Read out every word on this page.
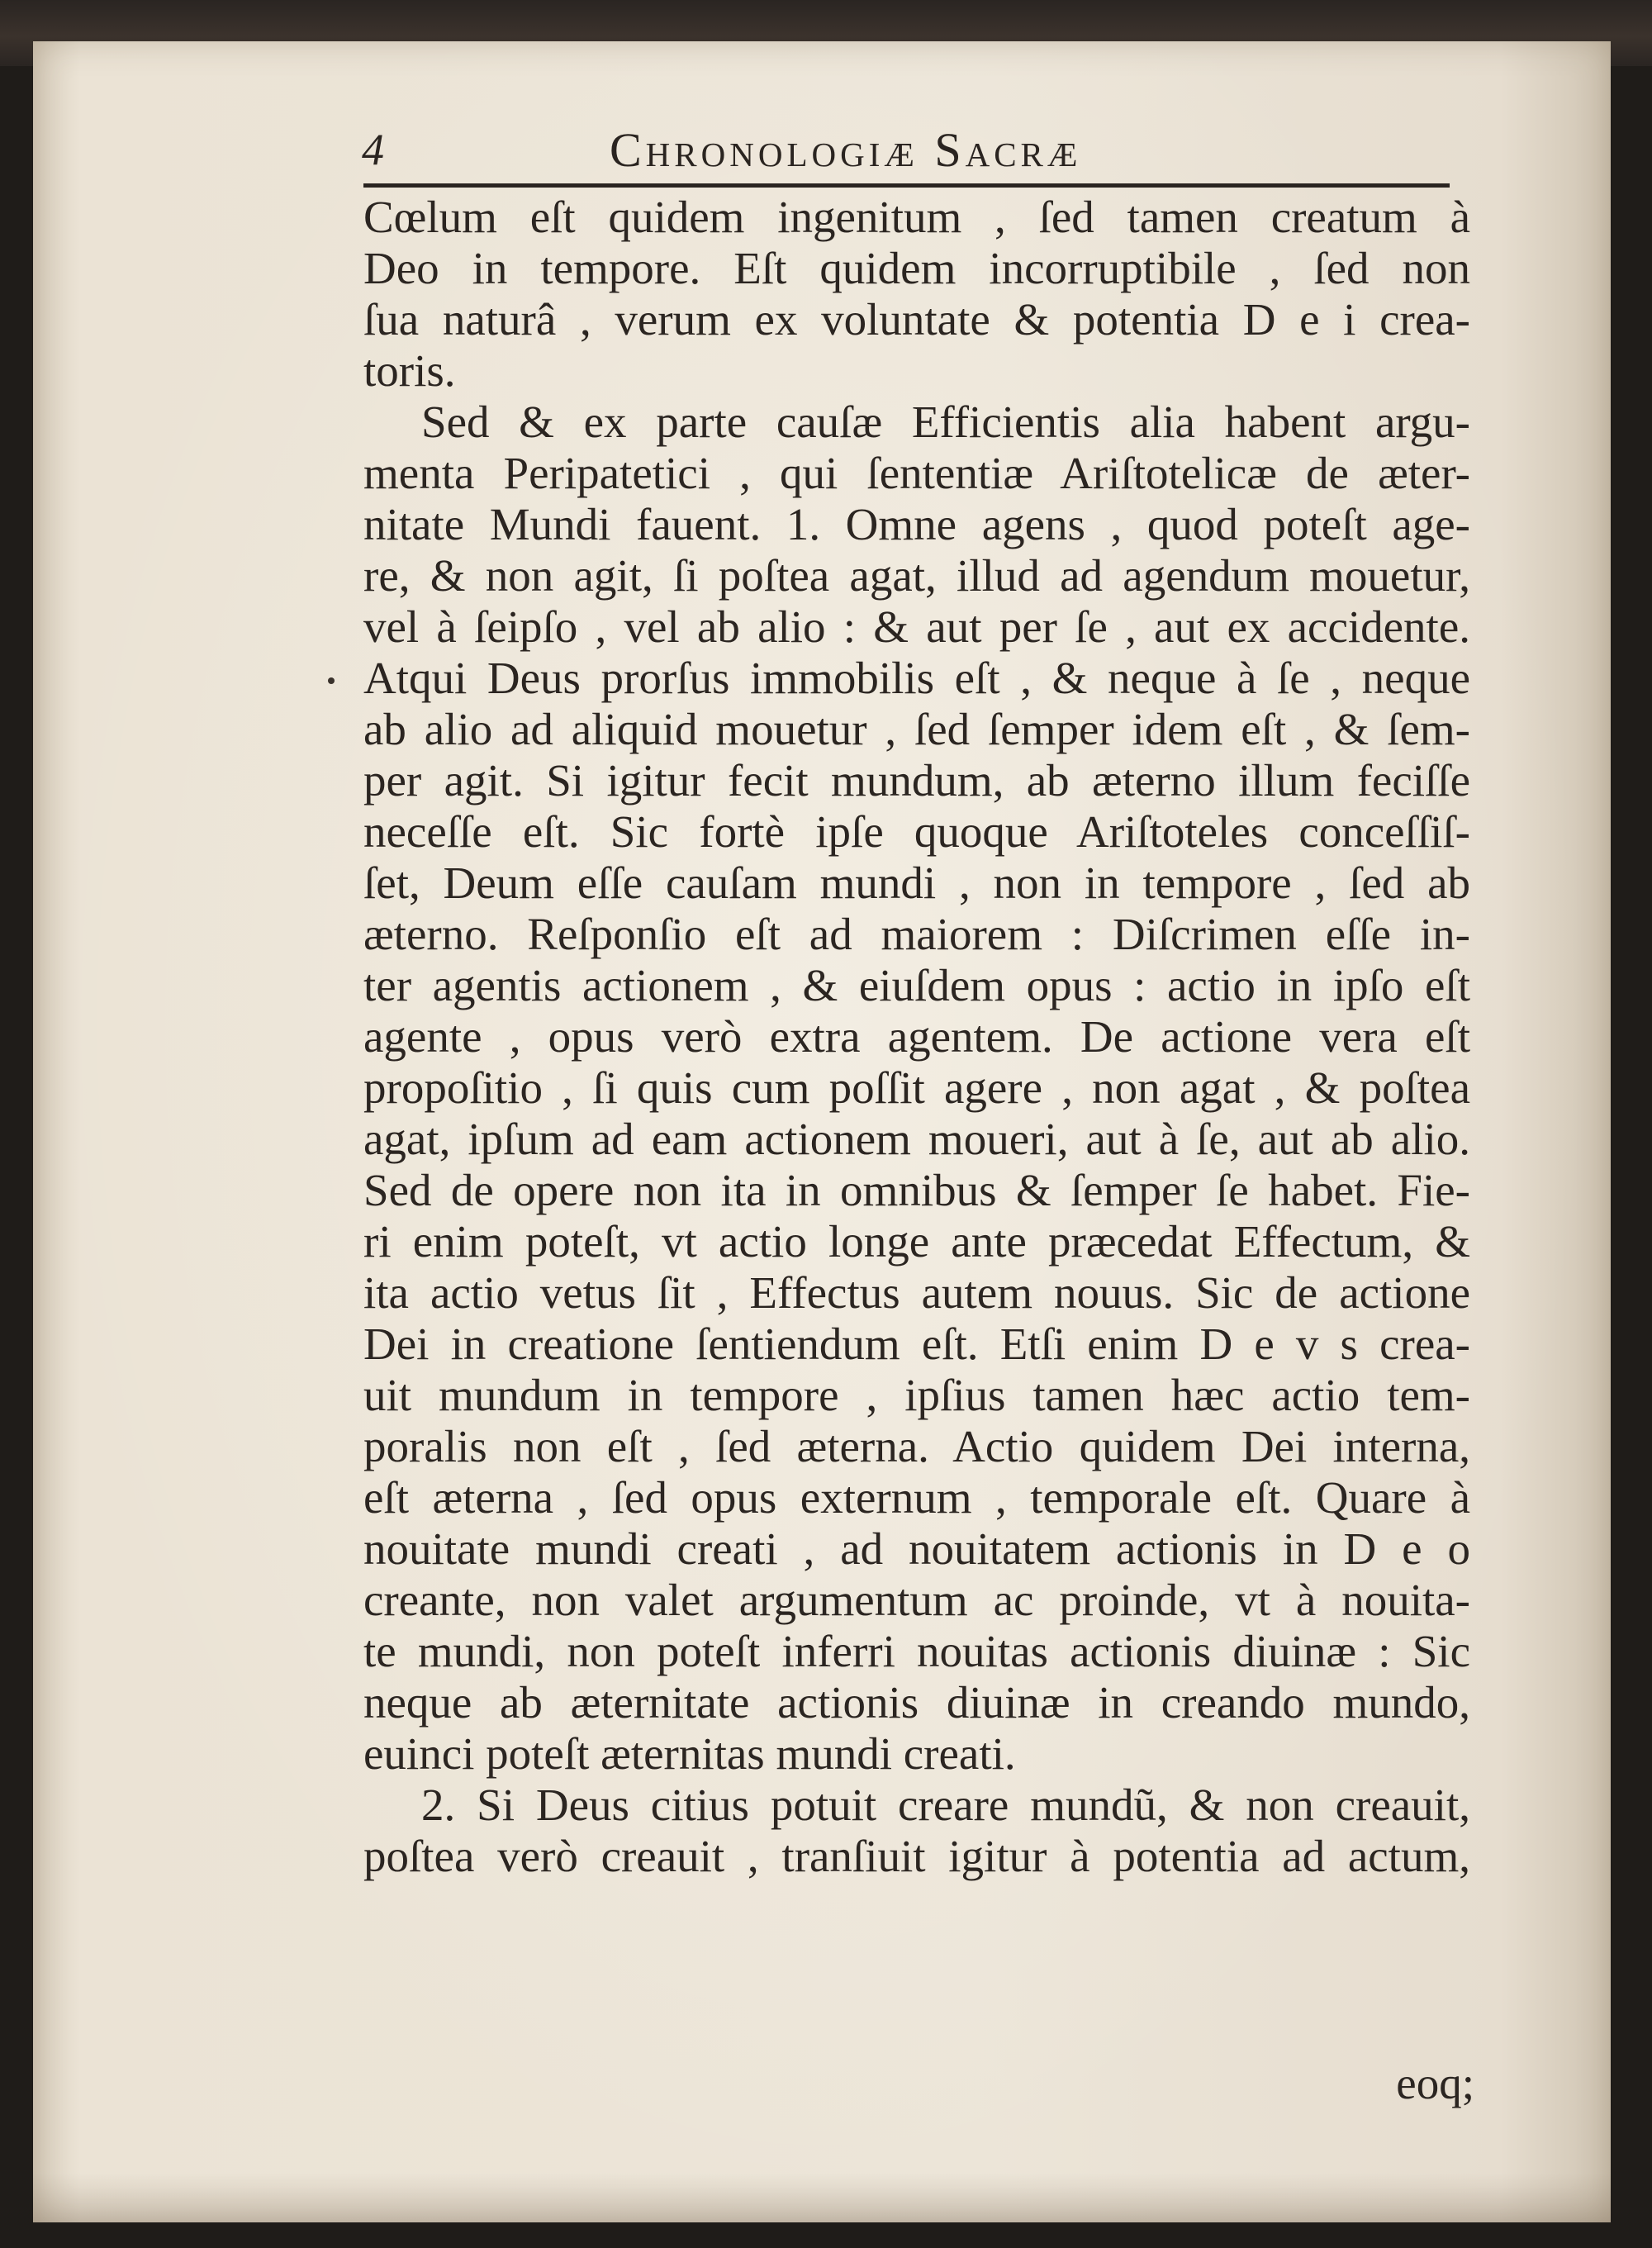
4	Chronologiæ Sacræ
Cœlum eſt quidem ingenitum , ſed tamen creatum à
Deo in tempore. Eſt quidem incorruptibile , ſed non
ſua naturâ , verum ex voluntate & potentia D e i crea-
toris.
Sed & ex parte cauſæ Efficientis alia habent argu-
menta Peripatetici , qui ſententiæ Ariſtotelicæ de æter-
nitate Mundi fauent. 1. Omne agens , quod poteſt age-
re, & non agit, ſi poſtea agat, illud ad agendum mouetur,
vel à ſeipſo , vel ab alio : & aut per ſe , aut ex accidente.
Atqui Deus prorſus immobilis eſt , & neque à ſe , neque
ab alio ad aliquid mouetur , ſed ſemper idem eſt , & ſem-
per agit. Si igitur fecit mundum, ab æterno illum feciſſe
neceſſe eſt. Sic fortè ipſe quoque Ariſtoteles conceſſiſ-
ſet, Deum eſſe cauſam mundi , non in tempore , ſed ab
æterno. Reſponſio eſt ad maiorem : Diſcrimen eſſe in-
ter agentis actionem , & eiuſdem opus : actio in ipſo eſt
agente , opus verò extra agentem. De actione vera eſt
propoſitio , ſi quis cum poſſit agere , non agat , & poſtea
agat, ipſum ad eam actionem moueri, aut à ſe, aut ab alio.
Sed de opere non ita in omnibus & ſemper ſe habet. Fie-
ri enim poteſt, vt actio longe ante præcedat Effectum, &
ita actio vetus ſit , Effectus autem nouus. Sic de actione
Dei in creatione ſentiendum eſt. Etſi enim D e v s crea-
uit mundum in tempore , ipſius tamen hæc actio tem-
poralis non eſt , ſed æterna. Actio quidem Dei interna,
eſt æterna , ſed opus externum , temporale eſt. Quare à
nouitate mundi creati , ad nouitatem actionis in D e o
creante, non valet argumentum ac proinde, vt à nouita-
te mundi, non poteſt inferri nouitas actionis diuinæ : Sic
neque ab æternitate actionis diuinæ in creando mundo,
euinci poteſt æternitas mundi creati.
2. Si Deus citius potuit creare mundũ, & non creauit,
poſtea verò creauit , tranſiuit igitur à potentia ad actum,
eoq;
